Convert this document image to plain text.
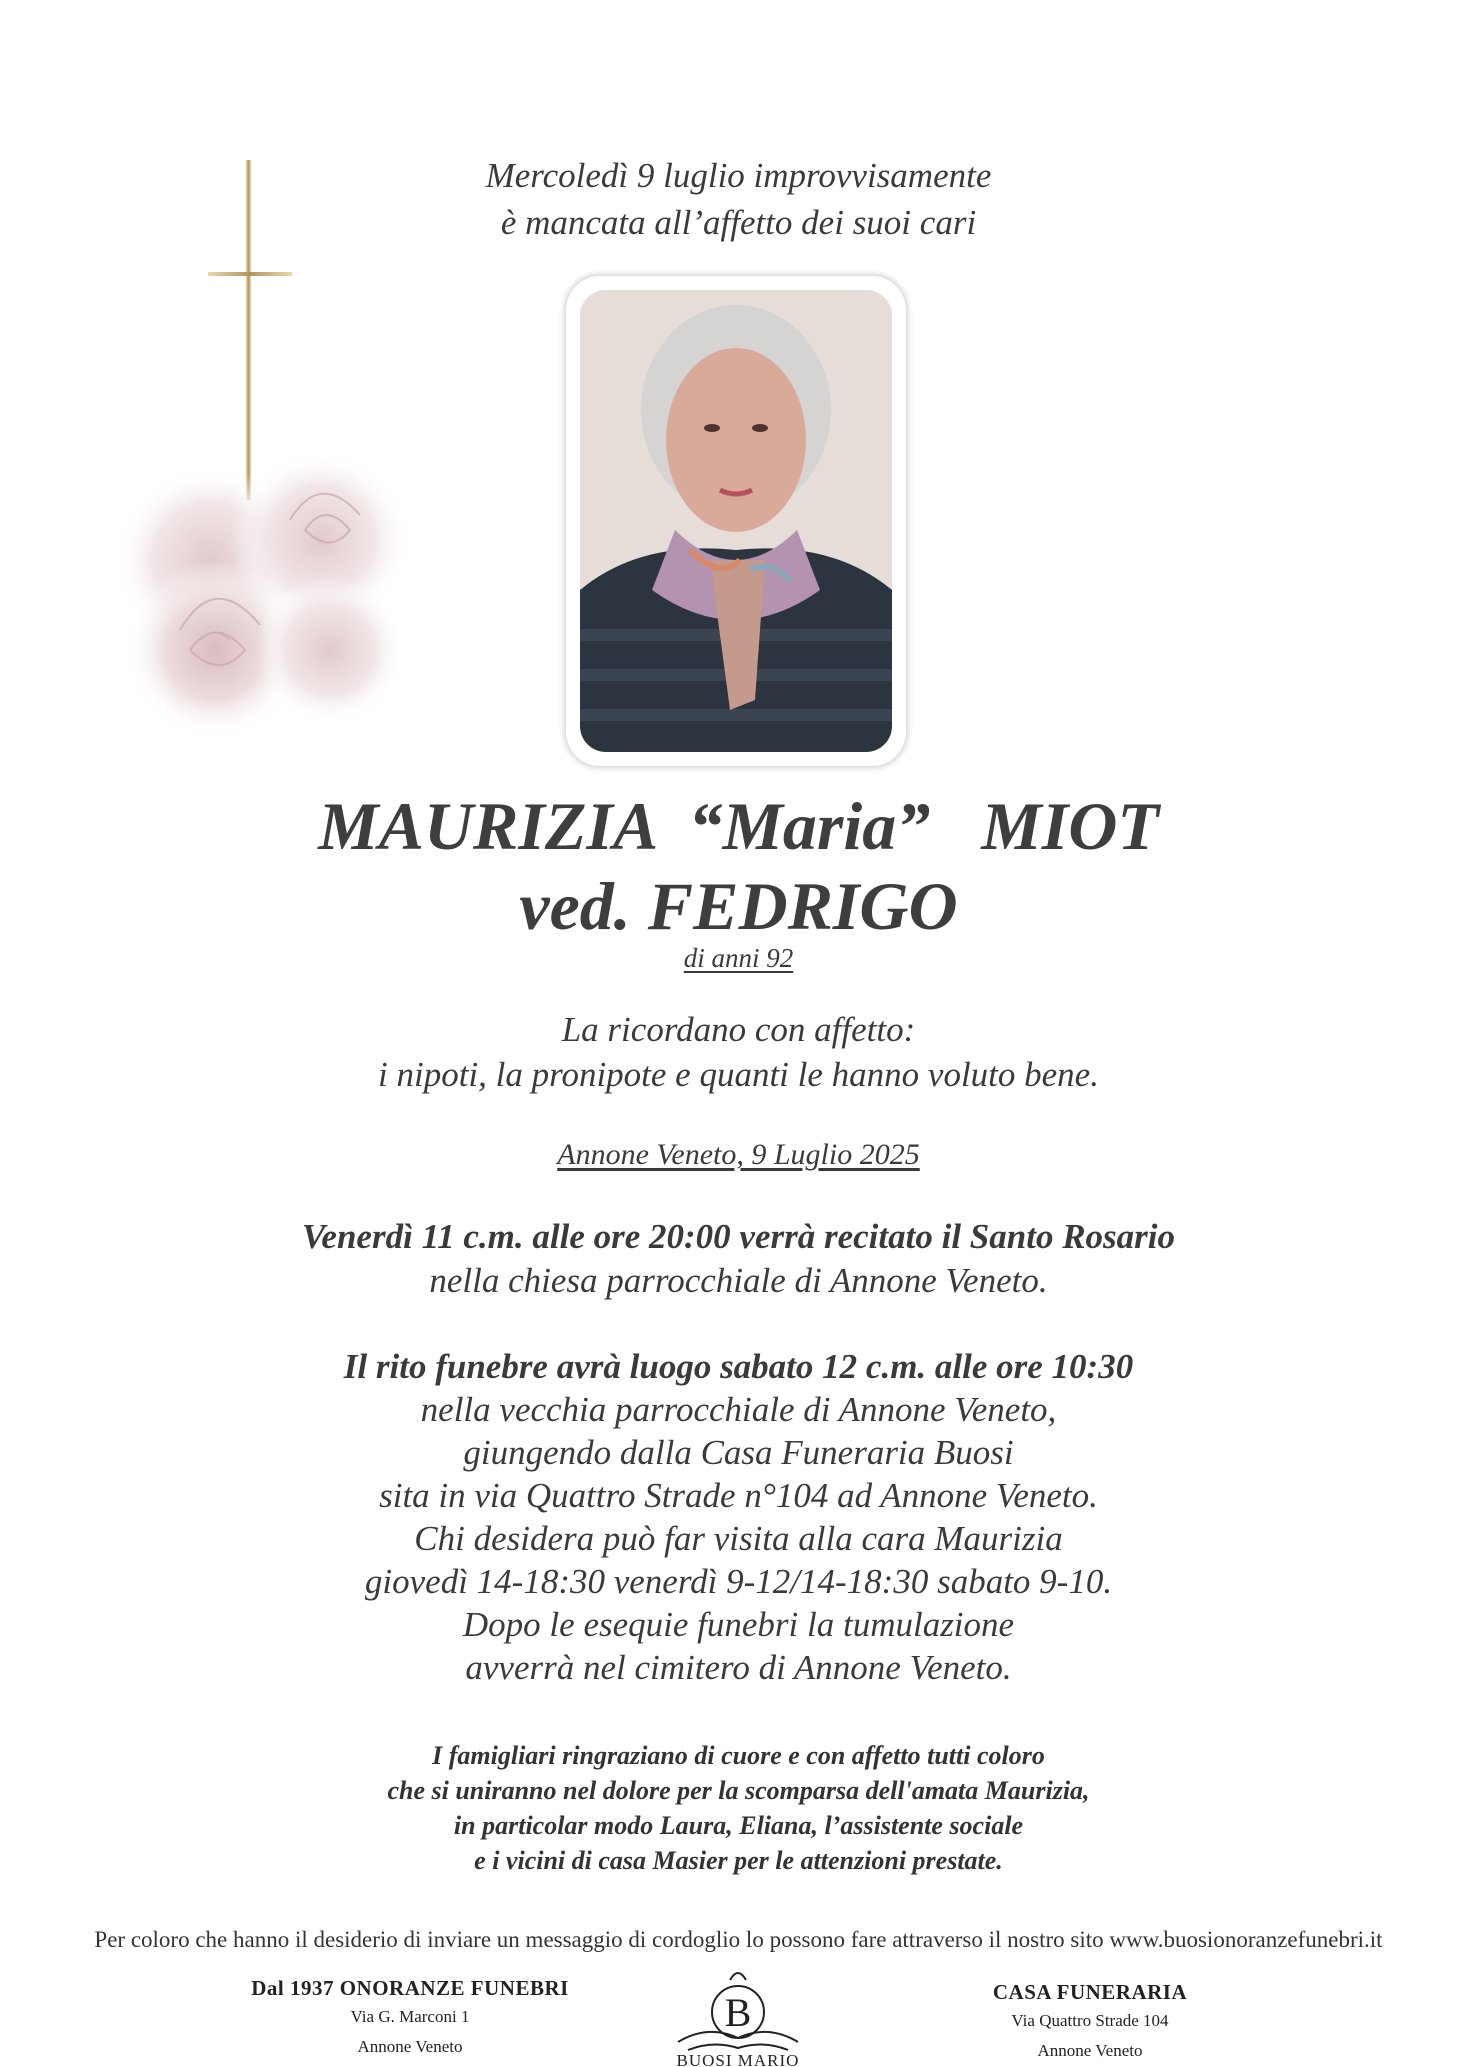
Mercoledì 9 luglio improvvisamente
è mancata all’affetto dei suoi cari
MAURIZIA  “Maria”   MIOT
ved. FEDRIGO
di anni 92
La ricordano con affetto:
i nipoti, la pronipote e quanti le hanno voluto bene.
Annone Veneto, 9 Luglio 2025
Venerdì 11 c.m. alle ore 20:00 verrà recitato il Santo Rosario
nella chiesa parrocchiale di Annone Veneto.
Il rito funebre avrà luogo sabato 12 c.m. alle ore 10:30
nella vecchia parrocchiale di Annone Veneto,
giungendo dalla Casa Funeraria Buosi
sita in via Quattro Strade n°104 ad Annone Veneto.
Chi desidera può far visita alla cara Maurizia
giovedì 14-18:30 venerdì 9-12/14-18:30 sabato 9-10.
Dopo le esequie funebri la tumulazione
avverrà nel cimitero di Annone Veneto.
I famigliari ringraziano di cuore e con affetto tutti coloro
che si uniranno nel dolore per la scomparsa dell'amata Maurizia,
in particolar modo Laura, Eliana, l’assistente sociale
e i vicini di casa Masier per le attenzioni prestate.
Per coloro che hanno il desiderio di inviare un messaggio di cordoglio lo possono fare attraverso il nostro sito www.buosionoranzefunebri.it
Dal 1937 ONORANZE FUNEBRI
Via G. Marconi 1
Annone Veneto
B
BUOSI MARIO
CASA FUNERARIA
Via Quattro Strade 104
Annone Veneto
